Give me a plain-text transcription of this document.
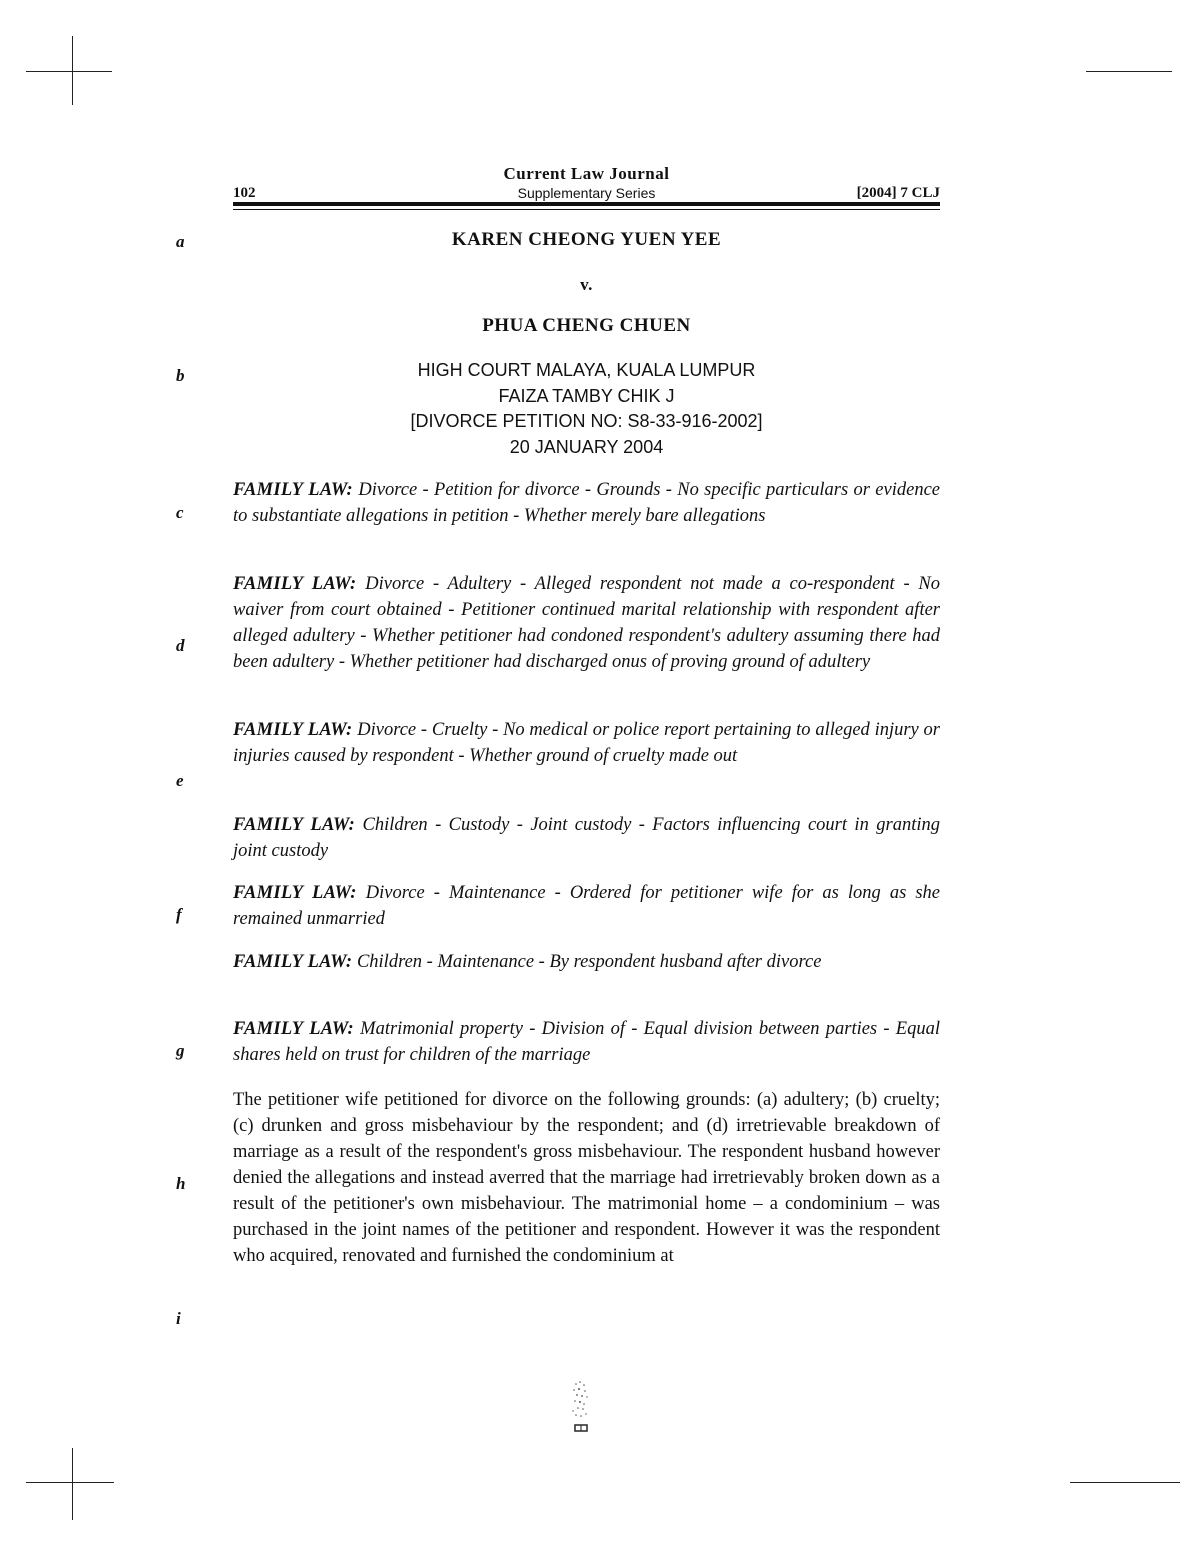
Current Law Journal
Supplementary Series
102	[2004] 7 CLJ
KAREN CHEONG YUEN YEE
v.
PHUA CHENG CHUEN
HIGH COURT MALAYA, KUALA LUMPUR
FAIZA TAMBY CHIK J
[DIVORCE PETITION NO: S8-33-916-2002]
20 JANUARY 2004

FAMILY LAW: Divorce - Petition for divorce - Grounds - No specific particulars or evidence to substantiate allegations in petition - Whether merely bare allegations

FAMILY LAW: Divorce - Adultery - Alleged respondent not made a co-respondent - No waiver from court obtained - Petitioner continued marital relationship with respondent after alleged adultery - Whether petitioner had condoned respondent's adultery assuming there had been adultery - Whether petitioner had discharged onus of proving ground of adultery

FAMILY LAW: Divorce - Cruelty - No medical or police report pertaining to alleged injury or injuries caused by respondent - Whether ground of cruelty made out

FAMILY LAW: Children - Custody - Joint custody - Factors influencing court in granting joint custody

FAMILY LAW: Divorce - Maintenance - Ordered for petitioner wife for as long as she remained unmarried

FAMILY LAW: Children - Maintenance - By respondent husband after divorce

FAMILY LAW: Matrimonial property - Division of - Equal division between parties - Equal shares held on trust for children of the marriage

The petitioner wife petitioned for divorce on the following grounds: (a) adultery; (b) cruelty; (c) drunken and gross misbehaviour by the respondent; and (d) irretrievable breakdown of marriage as a result of the respondent's gross misbehaviour. The respondent husband however denied the allegations and instead averred that the marriage had irretrievably broken down as a result of the petitioner's own misbehaviour. The matrimonial home – a condominium – was purchased in the joint names of the petitioner and respondent. However it was the respondent who acquired, renovated and furnished the condominium at

a
b
c
d
e
f
g
h
i
